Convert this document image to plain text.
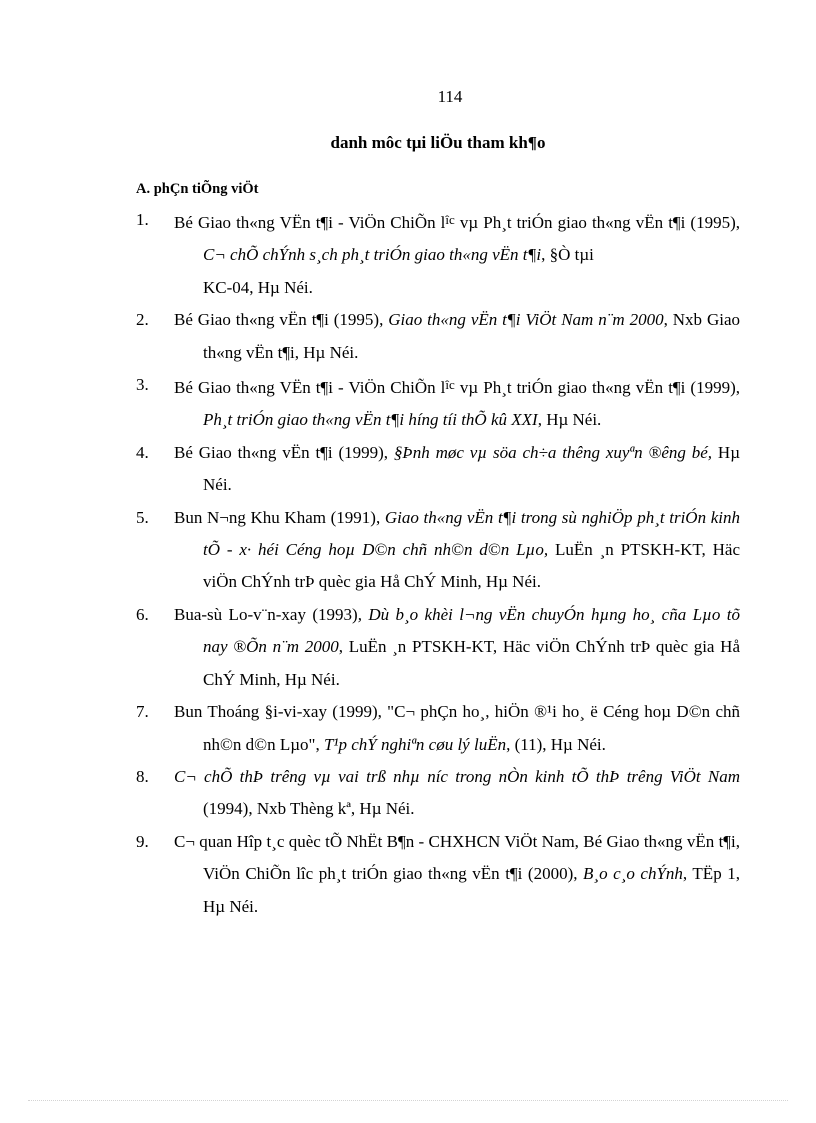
114
danh môc tµi liÖu tham kh¶o
A. phÇn tiÕng viÖt
1. Bé Giao th«ng VËn t¶i - ViÖn ChiÕn $l^{îc}$ vµ Ph¸t triÓn giao th«ng vËn t¶i (1995), C¬ chÕ chÝnh s¸ch ph¸t triÓn giao th«ng vËn t¶i, §Ò tµi
KC-04, Hµ Néi.
2. Bé Giao th«ng vËn t¶i (1995), Giao th«ng vËn t¶i ViÖt Nam n¨m 2000, Nxb Giao th«ng vËn t¶i, Hµ Néi.
3. Bé Giao th«ng VËn t¶i - ViÖn ChiÕn $l^{îc}$ vµ Ph¸t triÓn giao th«ng vËn t¶i (1999), Ph¸t triÓn giao th«ng vËn t¶i híng tíi thÕ kû XXI, Hµ Néi.
4. Bé Giao th«ng vËn t¶i (1999), §Þnh møc vµ söa ch÷a thêng xuyªn ®êng bé, Hµ Néi.
5. Bun N¬ng Khu Kham (1991), Giao th«ng vËn t¶i trong sù nghiÖp ph¸t triÓn kinh tÕ - x· héi Céng hoµ D©n chñ nh©n d©n Lµo, LuËn ¸n PTSKH-KT, Häc viÖn ChÝnh trÞ quèc gia Hå ChÝ Minh, Hµ Néi.
6. Bua-sù Lo-v¨n-xay (1993), Dù b¸o khèi l¬ng vËn chuyÓn hµng ho¸ cña Lµo tõ nay ®Õn n¨m 2000, LuËn ¸n PTSKH-KT, Häc viÖn ChÝnh trÞ quèc gia Hå ChÝ Minh, Hµ Néi.
7. Bun Thoáng §i-vi-xay (1999), "C¬ phÇn ho¸, hiÖn ®¹i ho¸ ë Céng hoµ D©n chñ nh©n d©n Lµo", T¹p chÝ nghiªn cøu lý luËn, (11), Hµ Néi.
8. C¬ chÕ thÞ trêng vµ vai trß nhµ níc trong nÒn kinh tÕ thÞ trêng ViÖt Nam (1994), Nxb Thèng kª, Hµ Néi.
9. C¬ quan Hîp t¸c quèc tÕ NhËt B¶n - CHXHCN ViÖt Nam, Bé Giao th«ng vËn t¶i, ViÖn ChiÕn lîc ph¸t triÓn giao th«ng vËn t¶i (2000), B¸o c¸o chÝnh, TËp 1, Hµ Néi.
